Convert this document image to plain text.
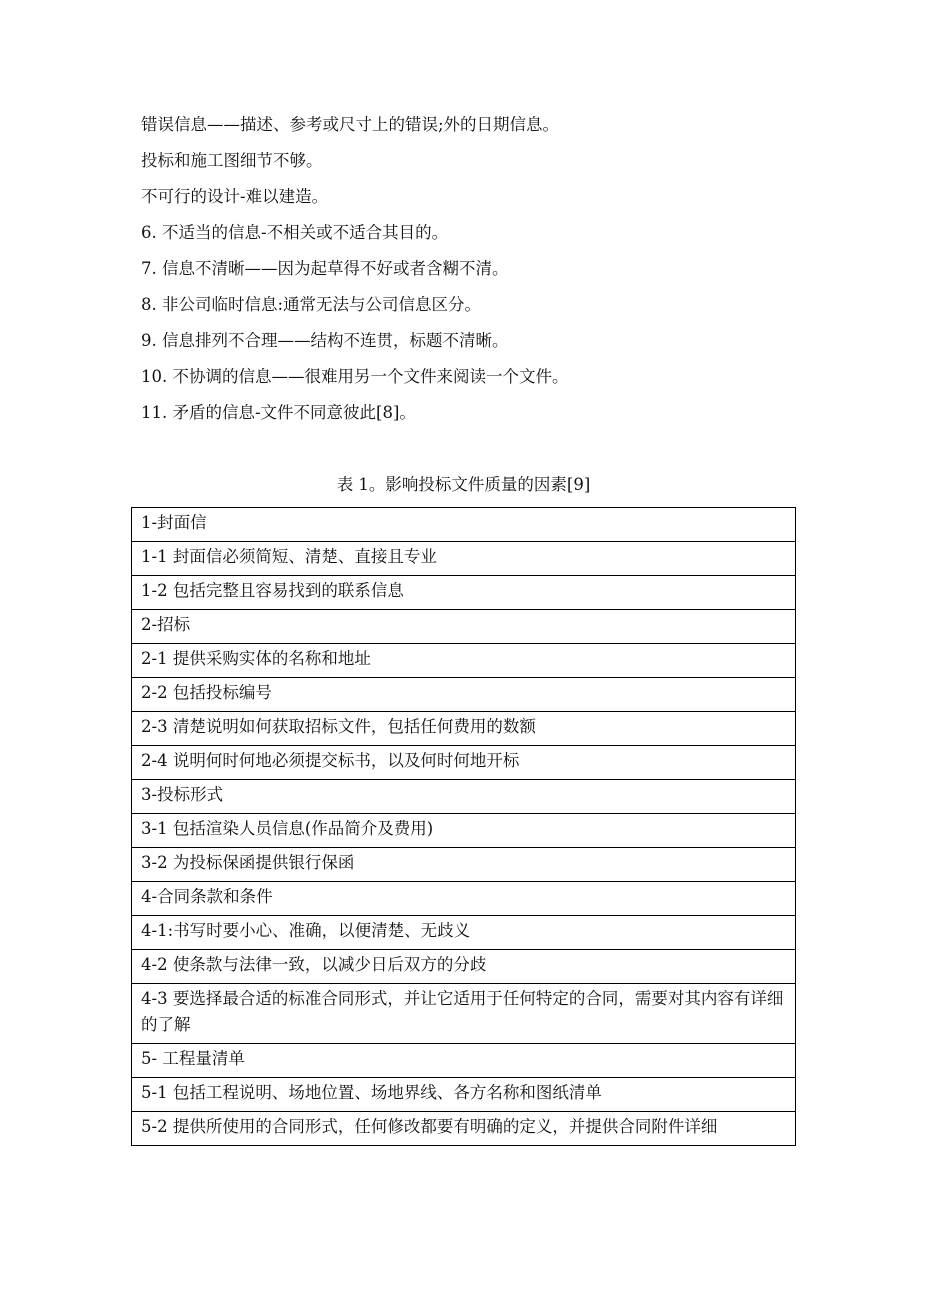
错误信息——描述、参考或尺寸上的错误;外的日期信息。
投标和施工图细节不够。
不可行的设计-难以建造。
6. 不适当的信息-不相关或不适合其目的。
7. 信息不清晰——因为起草得不好或者含糊不清。
8. 非公司临时信息:通常无法与公司信息区分。
9. 信息排列不合理——结构不连贯，标题不清晰。
10. 不协调的信息——很难用另一个文件来阅读一个文件。
11. 矛盾的信息-文件不同意彼此[8]。
表 1。影响投标文件质量的因素[9]
1-封面信
1-1 封面信必须简短、清楚、直接且专业
1-2 包括完整且容易找到的联系信息
2-招标
2-1 提供采购实体的名称和地址
2-2 包括投标编号
2-3 清楚说明如何获取招标文件，包括任何费用的数额
2-4 说明何时何地必须提交标书，以及何时何地开标
3-投标形式
3-1 包括渲染人员信息(作品简介及费用)
3-2 为投标保函提供银行保函
4-合同条款和条件
4-1:书写时要小心、准确，以便清楚、无歧义
4-2 使条款与法律一致，以减少日后双方的分歧
4-3 要选择最合适的标准合同形式，并让它适用于任何特定的合同，需要对其内容有详细的了解
5- 工程量清单
5-1 包括工程说明、场地位置、场地界线、各方名称和图纸清单
5-2 提供所使用的合同形式，任何修改都要有明确的定义，并提供合同附件详细
